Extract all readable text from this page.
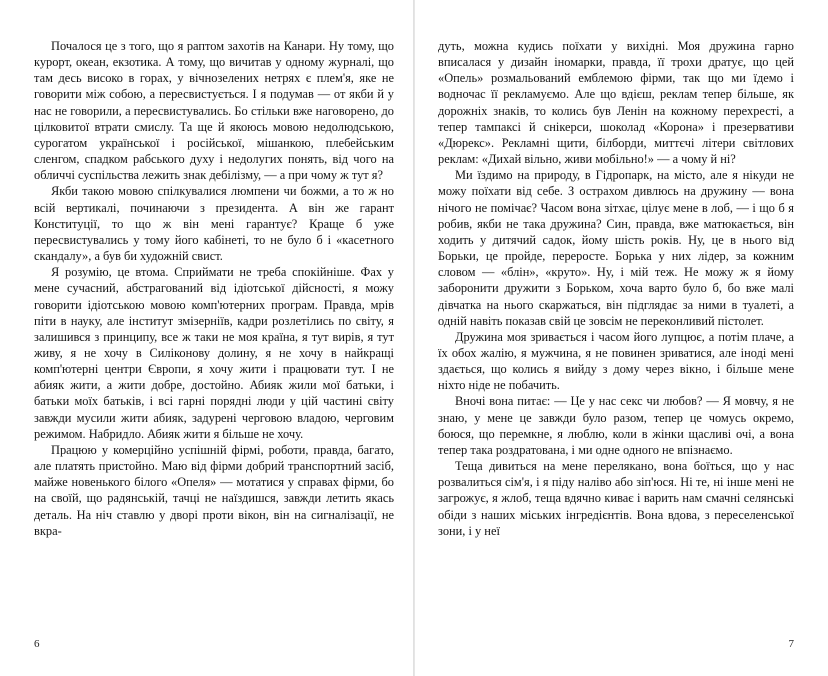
Почалося це з того, що я раптом захотів на Канари. Ну тому, що курорт, океан, екзотика. А тому, що вичитав у одному журналі, що там десь високо в горах, у вічнозелених нетрях є плем'я, яке не говорити між собою, а пересвистується. І я подумав — от якби й у нас не говорили, а пересвистувались. Бо стільки вже наговорено, до цілковитої втрати смислу. Та ще й якоюсь мовою недолюдською, сурогатом української і російської, мішанкою, плебейським сленгом, спадком рабського духу і недолугих понять, від чого на обличчі суспільства лежить знак дебілізму, — а при чому ж тут я?

Якби такою мовою спілкувалися люмпени чи божми, а то ж но всій вертикалі, починаючи з президента. А він же гарант Конституції, то що ж він мені гарантує? Краще б уже пересвистувались у тому його кабінеті, то не було б і «касетного скандалу», а був би художній свист.

Я розумію, це втома. Сприймати не треба спокійніше. Фах у мене сучасний, абстрагований від ідіотської дійсності, я можу говорити ідіотською мовою комп'ютерних програм. Правда, мрів піти в науку, але інститут змізерніїв, кадри розлетілись по світу, я залишився з принципу, все ж таки не моя країна, я тут вирів, я тут живу, я не хочу в Силіконову долину, я не хочу в найкращі комп'ютерні центри Європи, я хочу жити і працювати тут. І не абияк жити, а жити добре, достойно. Абияк жили мої батьки, і батьки моїх батьків, і всі гарні порядні люди у цій частині світу завжди мусили жити абияк, задурені черговою владою, черговим режимом. Набридло. Абияк жити я більше не хочу.

Працюю у комерційно успішній фірмі, роботи, правда, багато, але платять пристойно. Маю від фірми добрий транспортний засіб, майже новенького білого «Опеля» — мотатися у справах фірми, бо на своїй, що радянській, тачці не наїздишся, завжди летить якась деталь. На ніч ставлю у дворі проти вікон, він на сигналізації, не вкра-

6

дуть, можна кудись поїхати у вихідні. Моя дружина гарно вписалася у дизайн іномарки, правда, її трохи дратує, що цей «Опель» розмальований емблемою фірми, так що ми їдемо і водночас її рекламуємо. Але що вдієш, реклам тепер більше, як дорожніх знаків, то колись був Ленін на кожному перехресті, а тепер тампаксі й снікерси, шоколад «Корона» і презервативи «Дюрекс». Рекламні щити, білборди, миттєчі літери світлових реклам: «Дихай вільно, живи мобільно!» — а чому й ні?

Ми їздимо на природу, в Гідропарк, на місто, але я нікуди не можу поїхати від себе. З острахом дивлюсь на дружину — вона нічого не помічає? Часом вона зітхає, цілує мене в лоб, — і що б я робив, якби не така дружина? Син, правда, вже матюкається, він ходить у дитячий садок, йому шість років. Ну, це в нього від Борьки, це пройде, переросте. Борька у них лідер, за кожним словом — «блін», «круто». Ну, і мій теж. Не можу ж я йому заборонити дружити з Борьком, хоча варто було б, бо вже малі дівчатка на нього скаржаться, він підглядає за ними в туалеті, а одній навіть показав свій це зовсім не переконливий пістолет.

Дружина моя зривається і часом його лупцює, а потім плаче, а їх обох жалію, я мужчина, я не повинен зриватися, але іноді мені здається, що колись я вийду з дому через вікно, і більше мене ніхто ніде не побачить.

Вночі вона питає: — Це у нас секс чи любов? — Я мовчу, я не знаю, у мене це завжди було разом, тепер це чомусь окремо, боюся, що перемкне, я люблю, коли в жінки щасливі очі, а вона тепер така роздратована, і ми одне одного не впізнаємо.

Теща дивиться на мене перелякано, вона боїться, що у нас розвалиться сім'я, і я піду наліво або зіп'юся. Ні те, ні інше мені не загрожує, я жлоб, теща вдячно киває і варить нам смачні селянські обіди з наших міських інгредієнтів. Вона вдова, з переселенської зони, і у неї

7
